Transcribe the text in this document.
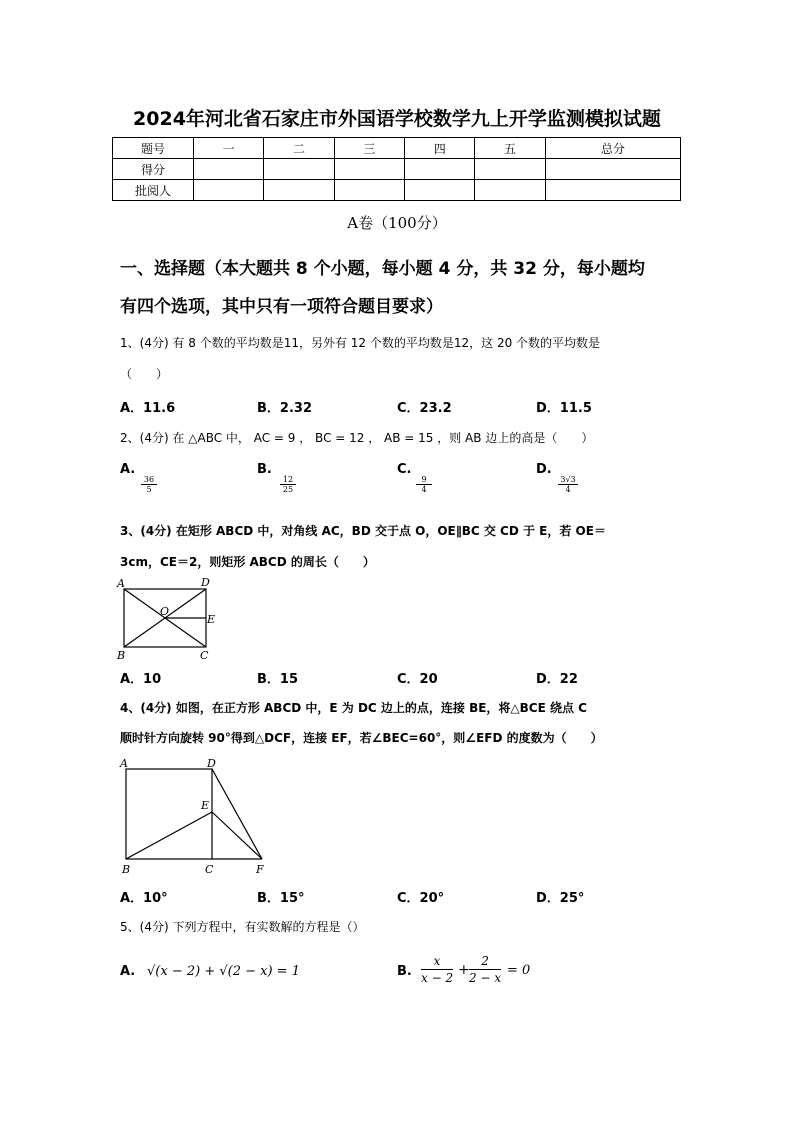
2024年河北省石家庄市外国语学校数学九上开学监测模拟试题
题号	一	二	三	四	五	总分
得分						
批阅人						
A卷（100分）
一、选择题（本大题共 8 个小题，每小题 4 分，共 32 分，每小题均
有四个选项，其中只有一项符合题目要求）
1、(4分) 有 8 个数的平均数是11，另外有 12 个数的平均数是12，这 20 个数的平均数是
（　　）
A．11.6	B．2.32	C．23.2	D．11.5
2、(4分) 在 △ABC 中， AC = 9 ， BC = 12 ， AB = 15 ，则 AB 边上的高是（　　）
A.
$\frac{36}{5}$
B.
$\frac{12}{25}$
C.
$\frac{9}{4}$
D.
$\frac{3√3}{4}$
3、(4分) 在矩形 ABCD 中，对角线 AC，BD 交于点 O，OE∥BC 交 CD 于 E，若 OE＝
3cm，CE＝2，则矩形 ABCD 的周长（　　）
A	D
O
E
B	C
A．10	B．15	C．20	D．22
4、(4分) 如图，在正方形 ABCD 中，E 为 DC 边上的点，连接 BE，将△BCE 绕点 C
顺时针方向旋转 90°得到△DCF，连接 EF，若∠BEC=60°，则∠EFD 的度数为（　　）
A	D
E
B	C	F
A．10°	B．15°	C．20°	D．25°
5、(4分) 下列方程中，有实数解的方程是（）
A. √(x − 2) + √(2 − x) = 1	B. $\frac{x}{x - 2} + \frac{2}{2 - x} = 0$
